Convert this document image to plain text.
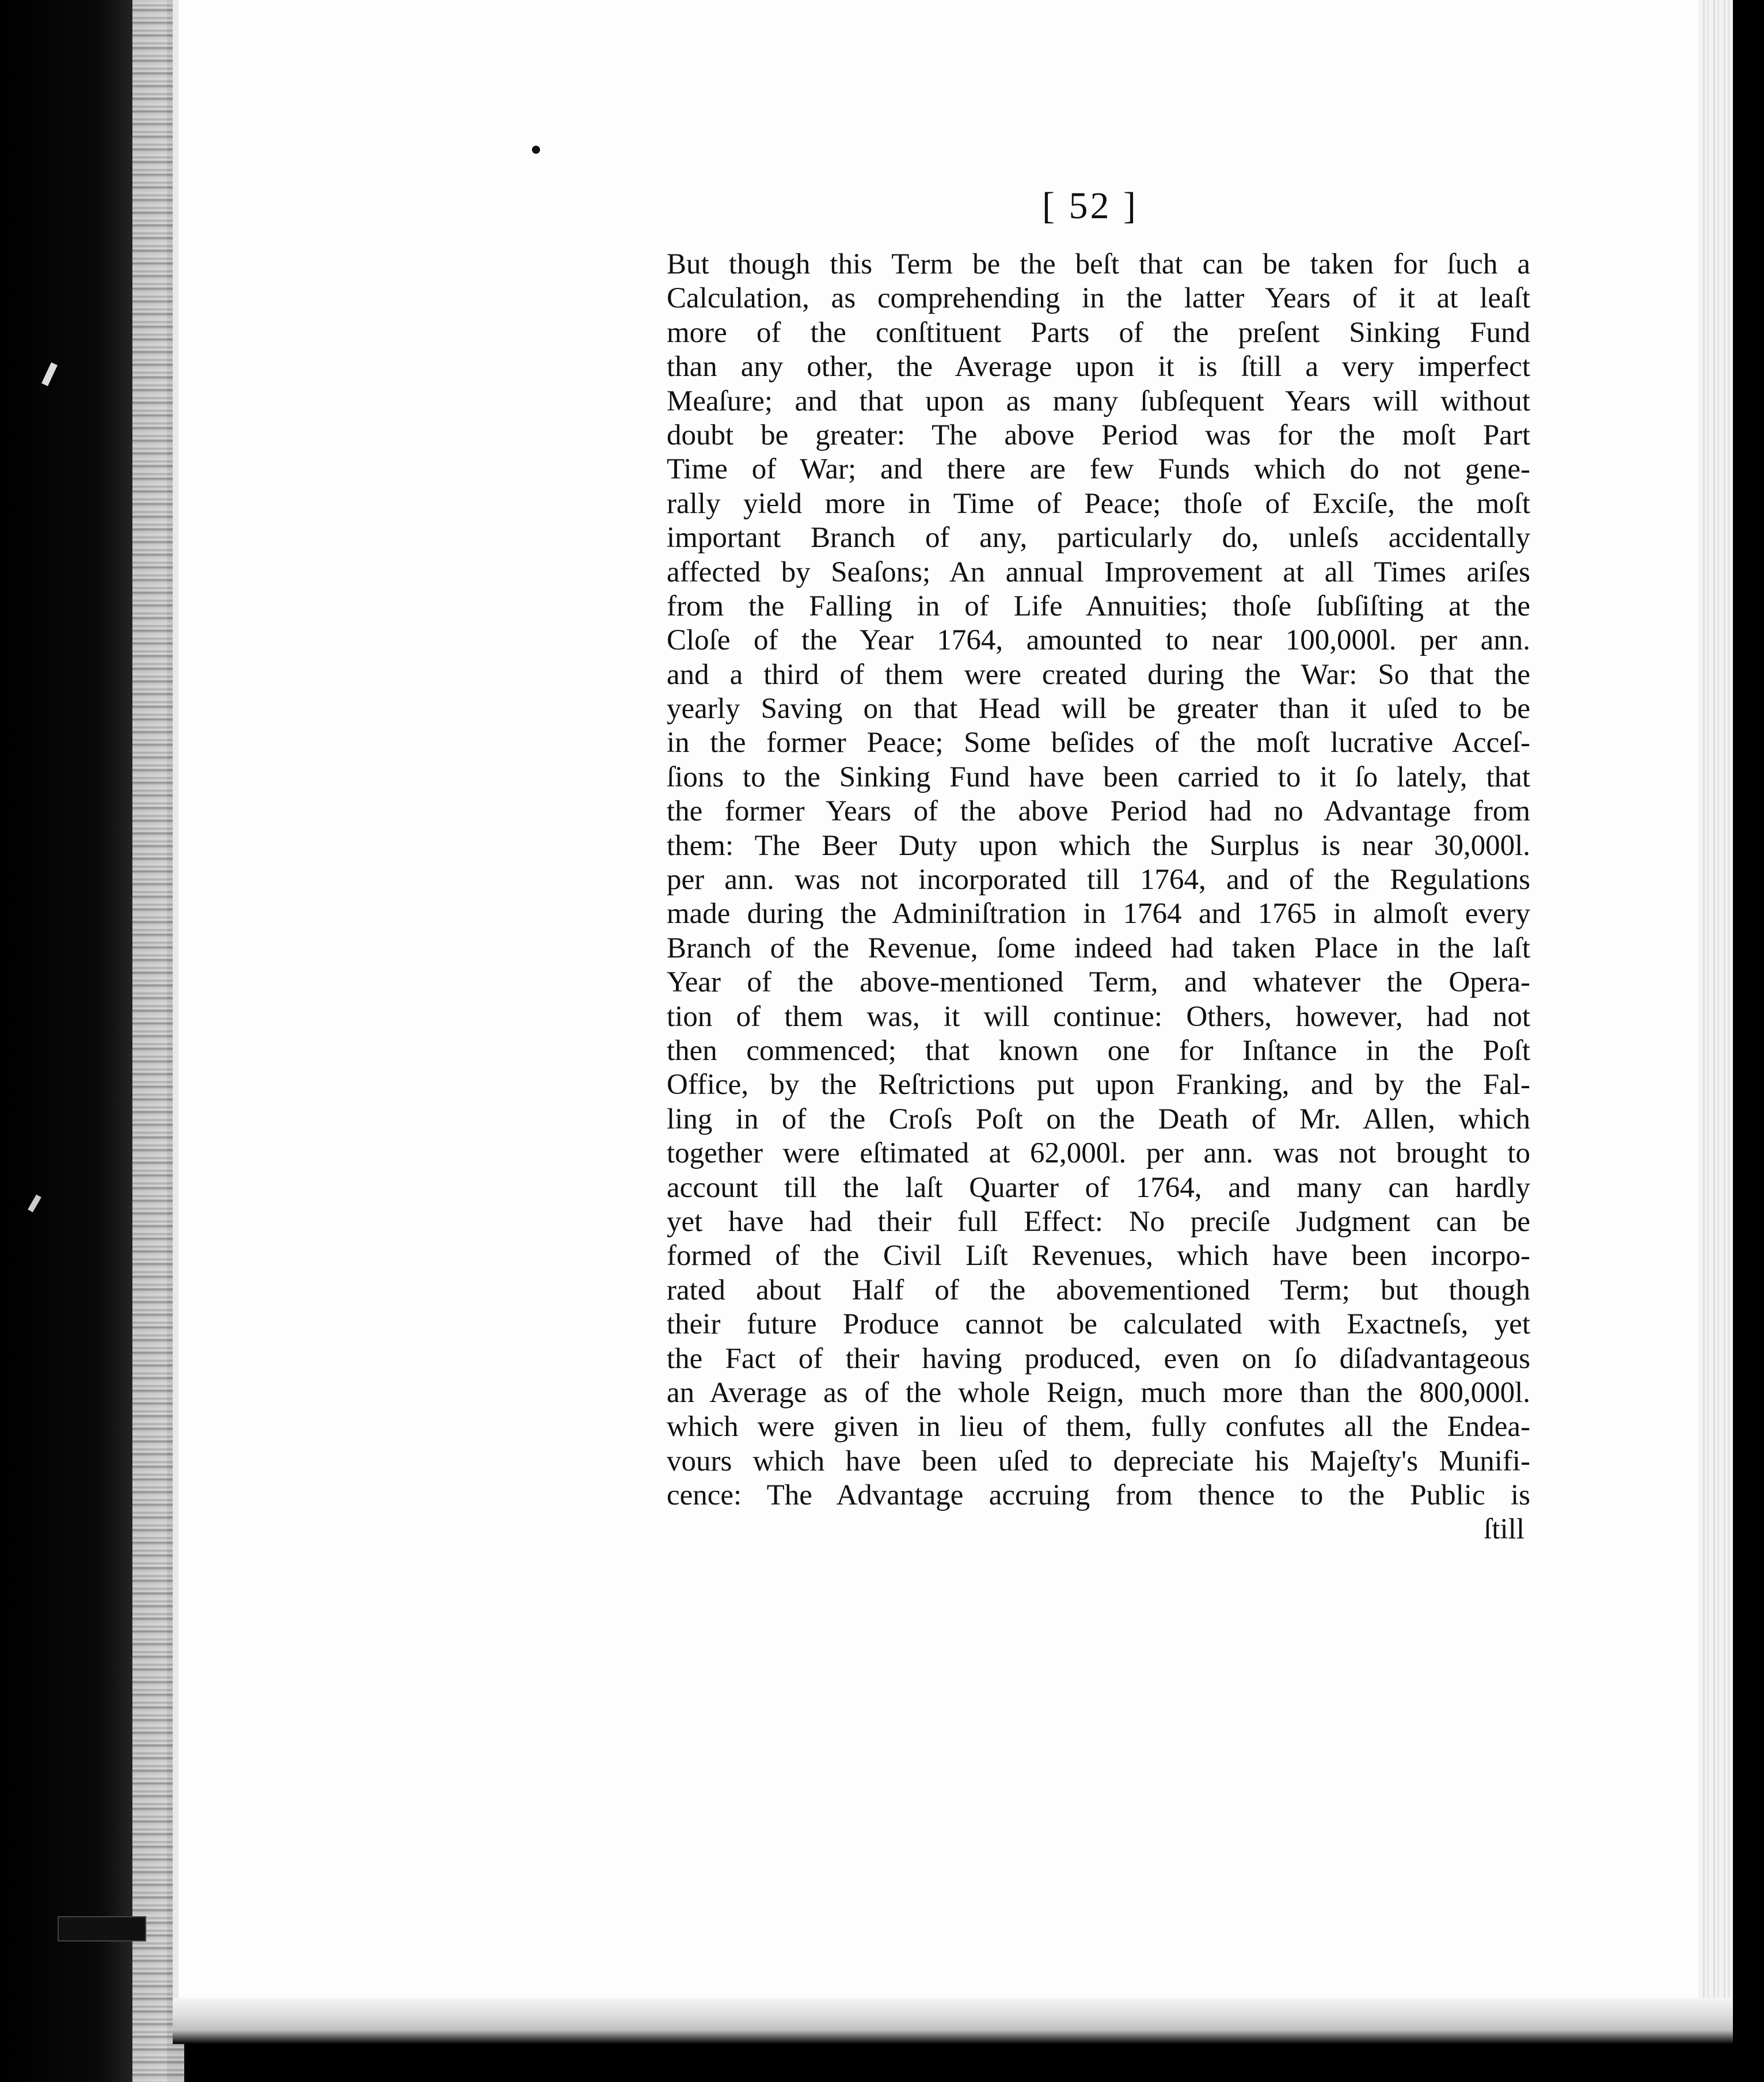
[ 52 ]
But though this Term be the beſt that can be taken for ſuch a
Calculation, as comprehending in the latter Years of it at leaſt
more of the conſtituent Parts of the preſent Sinking Fund
than any other, the Average upon it is ſtill a very imperfect
Meaſure; and that upon as many ſubſequent Years will without
doubt be greater: The above Period was for the moſt Part
Time of War; and there are few Funds which do not gene-
rally yield more in Time of Peace; thoſe of Exciſe, the moſt
important Branch of any, particularly do, unleſs accidentally
affected by Seaſons; An annual Improvement at all Times ariſes
from the Falling in of Life Annuities; thoſe ſubſiſting at the
Cloſe of the Year 1764, amounted to near 100,000l. per ann.
and a third of them were created during the War: So that the
yearly Saving on that Head will be greater than it uſed to be
in the former Peace; Some beſides of the moſt lucrative Acceſ-
ſions to the Sinking Fund have been carried to it ſo lately, that
the former Years of the above Period had no Advantage from
them: The Beer Duty upon which the Surplus is near 30,000l.
per ann. was not incorporated till 1764, and of the Regulations
made during the Adminiſtration in 1764 and 1765 in almoſt every
Branch of the Revenue, ſome indeed had taken Place in the laſt
Year of the above-mentioned Term, and whatever the Opera-
tion of them was, it will continue: Others, however, had not
then commenced; that known one for Inſtance in the Poſt
Office, by the Reſtrictions put upon Franking, and by the Fal-
ling in of the Croſs Poſt on the Death of Mr. Allen, which
together were eſtimated at 62,000l. per ann. was not brought to
account till the laſt Quarter of 1764, and many can hardly
yet have had their full Effect: No preciſe Judgment can be
formed of the Civil Liſt Revenues, which have been incorpo-
rated about Half of the abovementioned Term; but though
their future Produce cannot be calculated with Exactneſs, yet
the Fact of their having produced, even on ſo diſadvantageous
an Average as of the whole Reign, much more than the 800,000l.
which were given in lieu of them, fully confutes all the Endea-
vours which have been uſed to depreciate his Majeſty's Munifi-
cence: The Advantage accruing from thence to the Public is
ſtill
